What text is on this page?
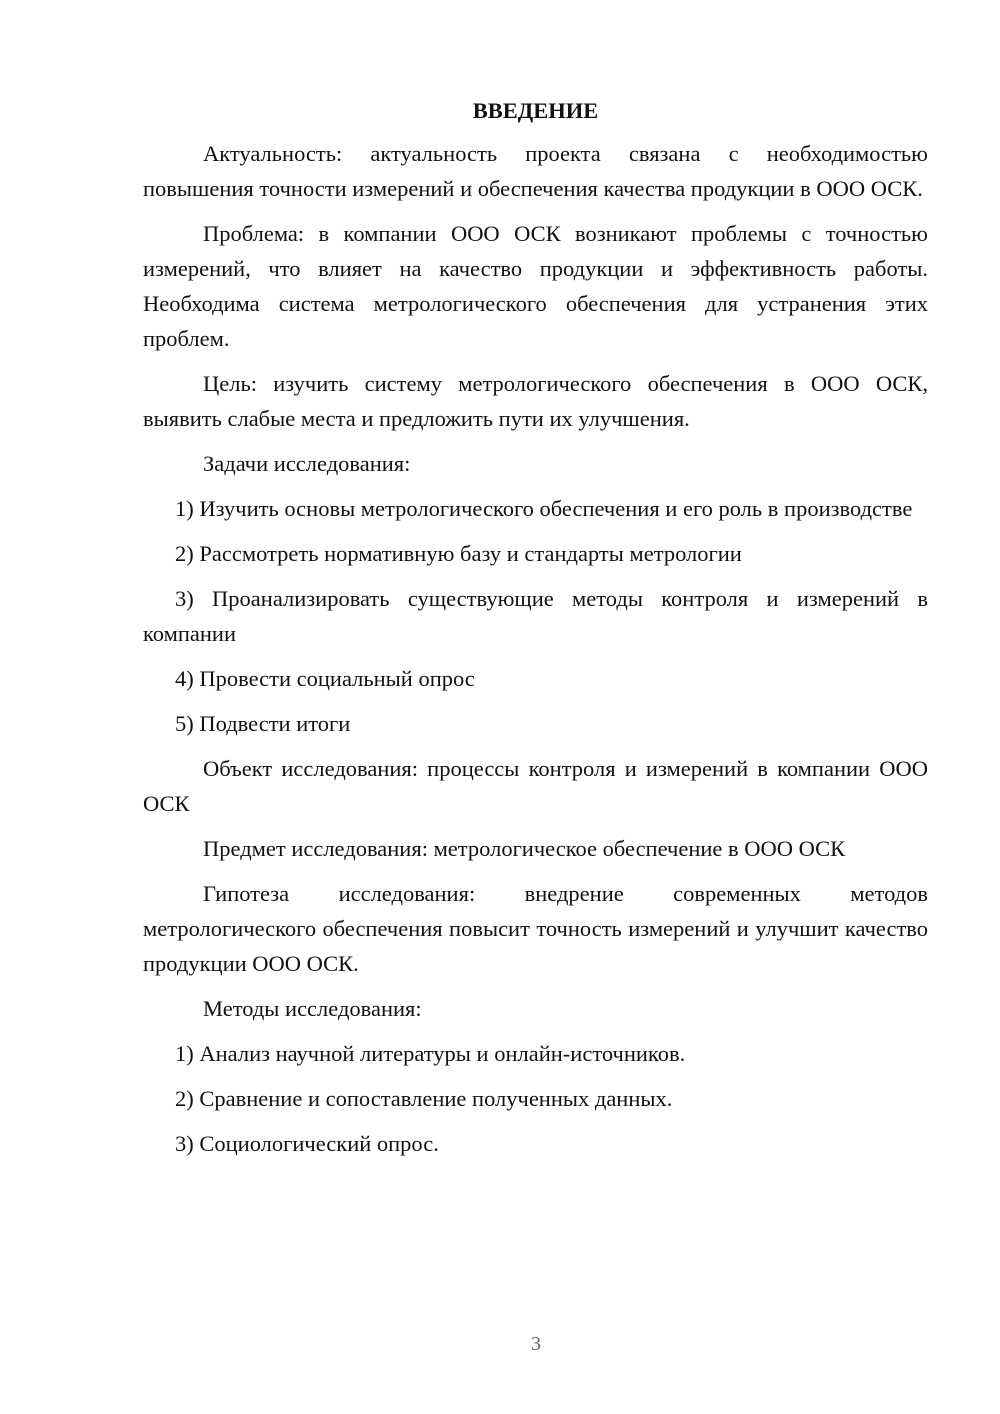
ВВЕДЕНИЕ

Актуальность: актуальность проекта связана с необходимостью повышения точности измерений и обеспечения качества продукции в ООО ОСК.

Проблема: в компании ООО ОСК возникают проблемы с точностью измерений, что влияет на качество продукции и эффективность работы. Необходима система метрологического обеспечения для устранения этих проблем.

Цель: изучить систему метрологического обеспечения в ООО ОСК, выявить слабые места и предложить пути их улучшения.

Задачи исследования:

1) Изучить основы метрологического обеспечения и его роль в производстве

2) Рассмотреть нормативную базу и стандарты метрологии

3) Проанализировать существующие методы контроля и измерений в компании

4) Провести социальный опрос

5) Подвести итоги

Объект исследования: процессы контроля и измерений в компании ООО ОСК

Предмет исследования: метрологическое обеспечение в ООО ОСК

Гипотеза исследования: внедрение современных методов метрологического обеспечения повысит точность измерений и улучшит качество продукции ООО ОСК.

Методы исследования:

1) Анализ научной литературы и онлайн-источников.

2) Сравнение и сопоставление полученных данных.

3) Социологический опрос.

3
